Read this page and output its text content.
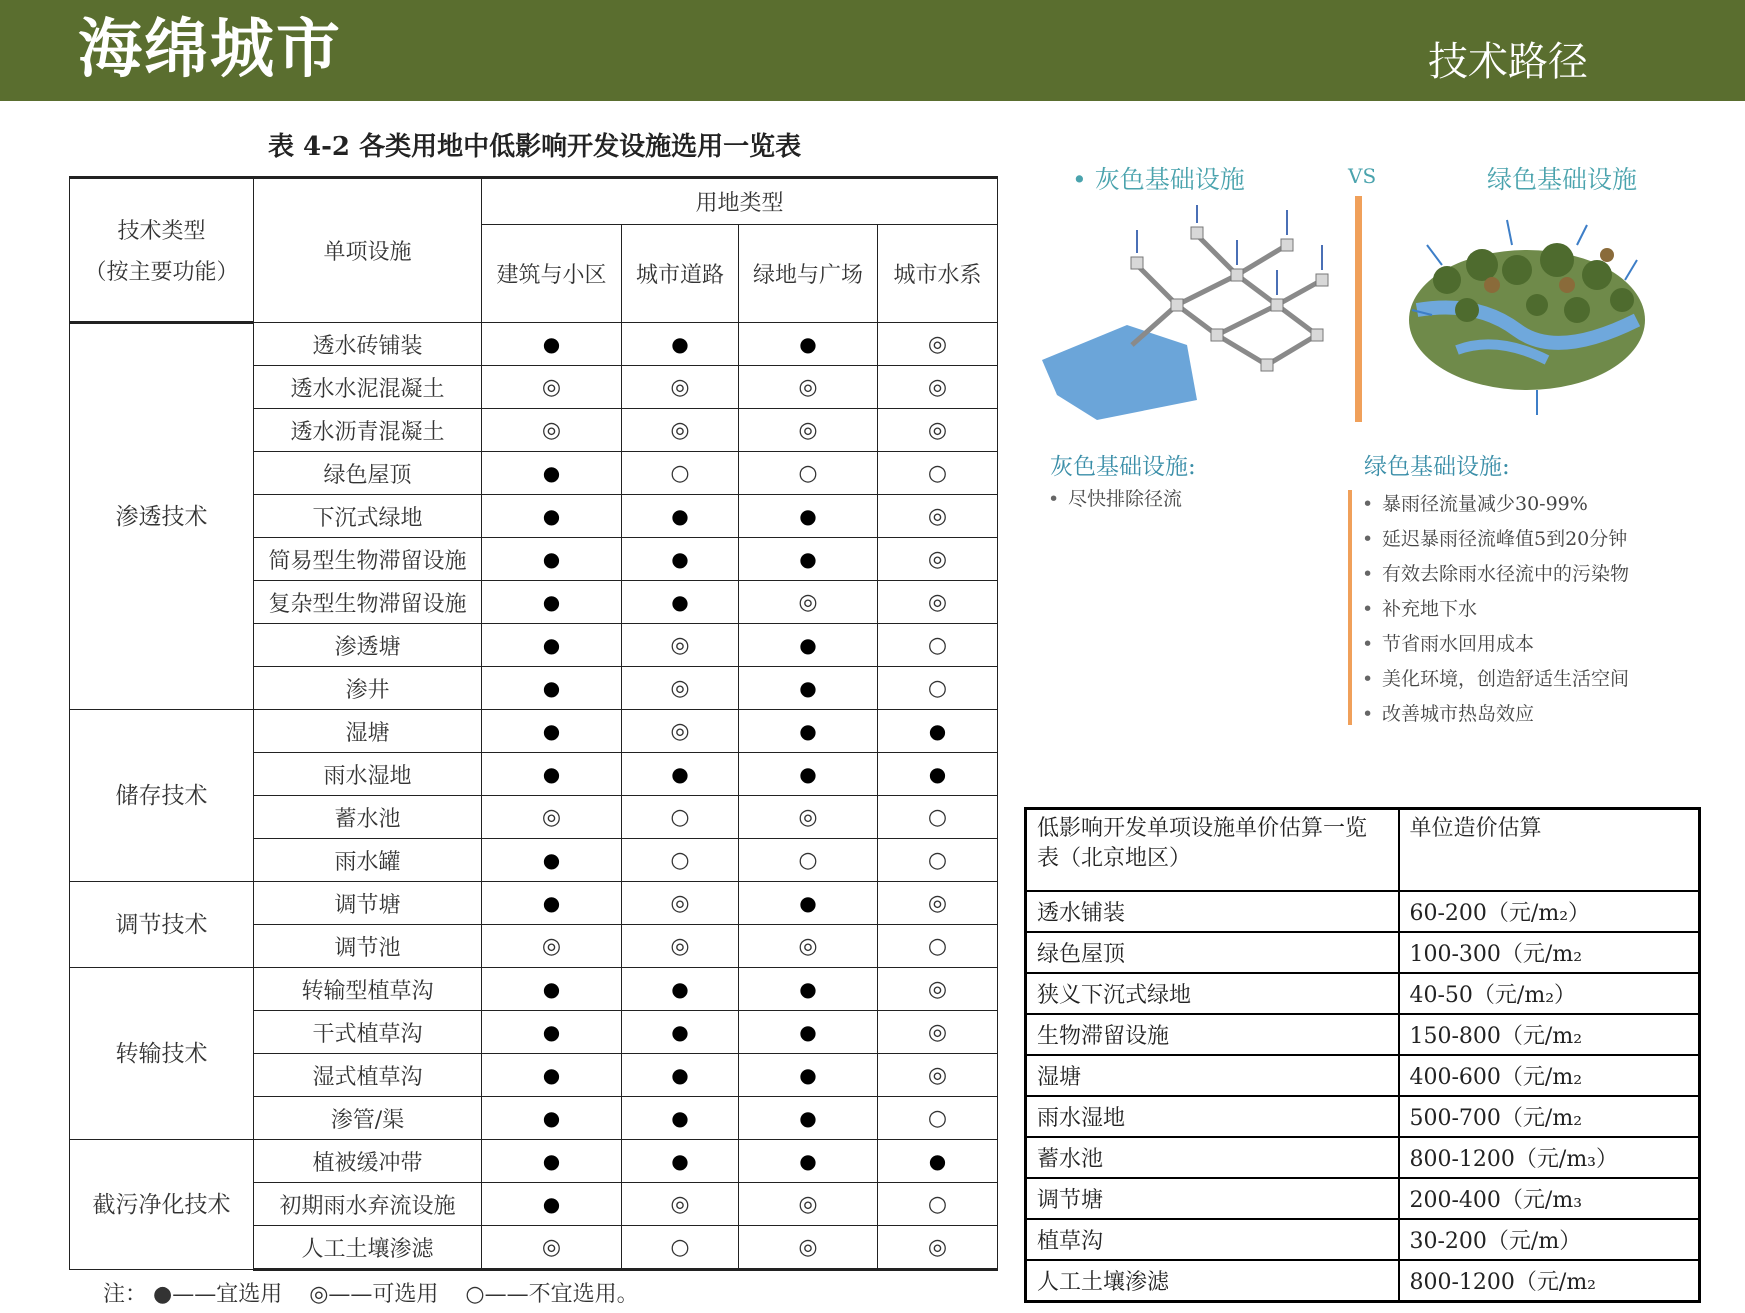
海绵城市	技术路径
表 4-2 各类用地中低影响开发设施选用一览表
技术类型
（按主要功能）	单项设施	用地类型			
		建筑与小区	城市道路	绿地与广场	城市水系
渗透技术	透水砖铺装	●	●	●	◎
	透水水泥混凝土	◎	◎	◎	◎
	透水沥青混凝土	◎	◎	◎	◎
	绿色屋顶	●	○	○	○
	下沉式绿地	●	●	●	◎
	简易型生物滞留设施	●	●	●	◎
	复杂型生物滞留设施	●	●	◎	◎
	渗透塘	●	◎	●	○
	渗井	●	◎	●	○
储存技术	湿塘	●	◎	●	●
	雨水湿地	●	●	●	●
	蓄水池	◎	○	◎	○
	雨水罐	●	○	○	○
调节技术	调节塘	●	◎	●	◎
	调节池	◎	◎	◎	○
转输技术	转输型植草沟	●	●	●	◎
	干式植草沟	●	●	●	◎
	湿式植草沟	●	●	●	◎
	渗管/渠	●	●	●	○
截污净化技术	植被缓冲带	●	●	●	●
	初期雨水弃流设施	●	◎	◎	○
	人工土壤渗滤	◎	○	◎	◎
注： ●——宜选用 ◎——可选用 ○——不宜选用。
• 灰色基础设施	VS	绿色基础设施
灰色基础设施:
• 尽快排除径流
绿色基础设施:
• 暴雨径流量减少30-99%
• 延迟暴雨径流峰值5到20分钟
• 有效去除雨水径流中的污染物
• 补充地下水
• 节省雨水回用成本
• 美化环境，创造舒适生活空间
• 改善城市热岛效应
低影响开发单项设施单价估算一览表（北京地区）	单位造价估算
透水铺装	60-200（元/m₂）
绿色屋顶	100-300（元/m₂
狭义下沉式绿地	40-50（元/m₂）
生物滞留设施	150-800（元/m₂
湿塘	400-600（元/m₂
雨水湿地	500-700（元/m₂
蓄水池	800-1200（元/m₃）
调节塘	200-400（元/m₃
植草沟	30-200（元/m）
人工土壤渗滤	800-1200（元/m₂
